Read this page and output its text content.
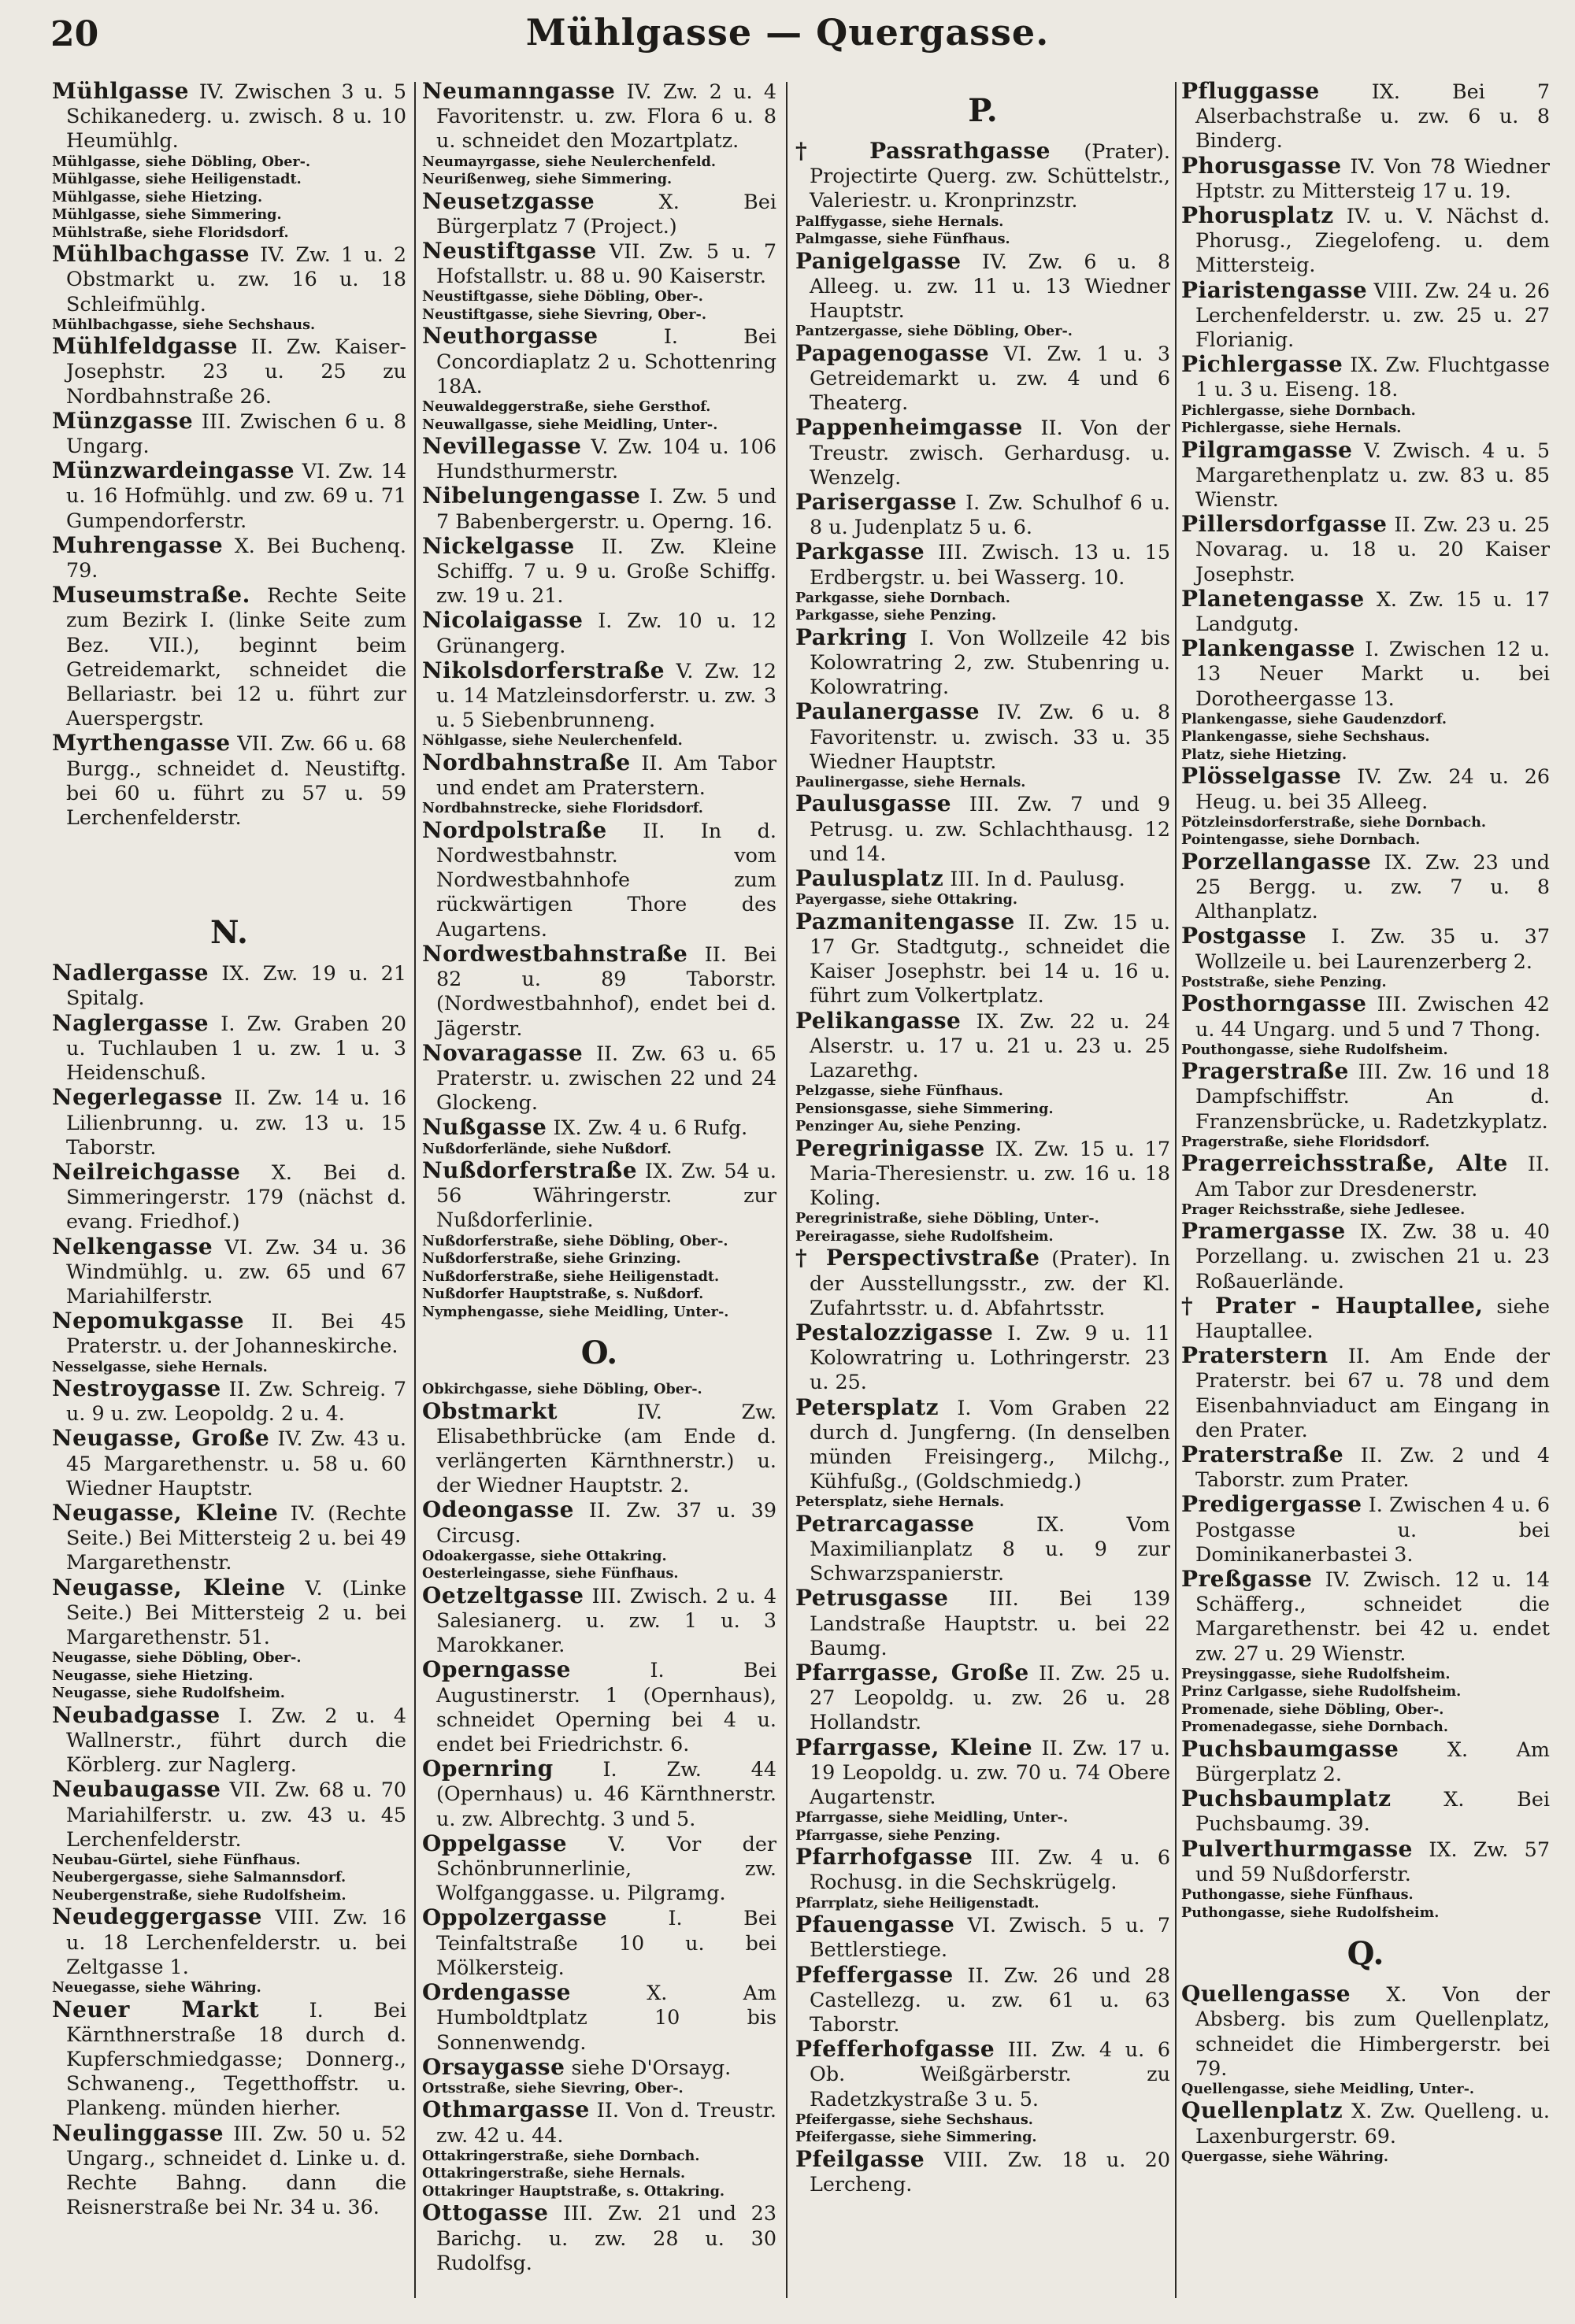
20	Mühlgasse — Quergasse.

Mühlgasse IV. Zwischen 3 u. 5 Schikanederg. u. zwisch. 8 u. 10 Heumühlg.

Mühlgasse, siehe Döbling, Ober-.

Mühlgasse, siehe Heiligenstadt.

Mühlgasse, siehe Hietzing.

Mühlgasse, siehe Simmering.

Mühlstraße, siehe Floridsdorf.

Mühlbachgasse IV. Zw. 1 u. 2 Obstmarkt u. zw. 16 u. 18 Schleifmühlg.

Mühlbachgasse, siehe Sechshaus.

Mühlfeldgasse II. Zw. Kaiser-Josephstr. 23 u. 25 zu Nordbahnstraße 26.

Münzgasse III. Zwischen 6 u. 8 Ungarg.

Münzwardeingasse VI. Zw. 14 u. 16 Hofmühlg. und zw. 69 u. 71 Gumpendorferstr.

Muhrengasse X. Bei Buchenq. 79.

Museumstraße. Rechte Seite zum Bezirk I. (linke Seite zum Bez. VII.), beginnt beim Getreidemarkt, schneidet die Bellariastr. bei 12 u. führt zur Auerspergstr.

Myrthengasse VII. Zw. 66 u. 68 Burgg., schneidet d. Neustiftg. bei 60 u. führt zu 57 u. 59 Lerchenfelderstr.

N.

Nadlergasse IX. Zw. 19 u. 21 Spitalg.

Naglergasse I. Zw. Graben 20 u. Tuchlauben 1 u. zw. 1 u. 3 Heidenschuß.

Negerlegasse II. Zw. 14 u. 16 Lilienbrunng. u. zw. 13 u. 15 Taborstr.

Neilreichgasse X. Bei d. Simmeringerstr. 179 (nächst d. evang. Friedhof.)

Nelkengasse VI. Zw. 34 u. 36 Windmühlg. u. zw. 65 und 67 Mariahilferstr.

Nepomukgasse II. Bei 45 Praterstr. u. der Johanneskirche.

Nesselgasse, siehe Hernals.

Nestroygasse II. Zw. Schreig. 7 u. 9 u. zw. Leopoldg. 2 u. 4.

Neugasse, Große IV. Zw. 43 u. 45 Margarethenstr. u. 58 u. 60 Wiedner Hauptstr.

Neugasse, Kleine IV. (Rechte Seite.) Bei Mittersteig 2 u. bei 49 Margarethenstr.

Neugasse, Kleine V. (Linke Seite.) Bei Mittersteig 2 u. bei Margarethenstr. 51.

Neugasse, siehe Döbling, Ober-.

Neugasse, siehe Hietzing.

Neugasse, siehe Rudolfsheim.

Neubadgasse I. Zw. 2 u. 4 Wallnerstr., führt durch die Körblerg. zur Naglerg.

Neubaugasse VII. Zw. 68 u. 70 Mariahilferstr. u. zw. 43 u. 45 Lerchenfelderstr.

Neubau-Gürtel, siehe Fünfhaus.

Neubergergasse, siehe Salmannsdorf.

Neubergenstraße, siehe Rudolfsheim.

Neudeggergasse VIII. Zw. 16 u. 18 Lerchenfelderstr. u. bei Zeltgasse 1.

Neuegasse, siehe Währing.

Neuer Markt I. Bei Kärnthnerstraße 18 durch d. Kupferschmiedgasse; Donnerg., Schwaneng., Tegetthoffstr. u. Plankeng. münden hierher.

Neulinggasse III. Zw. 50 u. 52 Ungarg., schneidet d. Linke u. d. Rechte Bahng. dann die Reisnerstraße bei Nr. 34 u. 36.

Neumanngasse IV. Zw. 2 u. 4 Favoritenstr. u. zw. Flora 6 u. 8 u. schneidet den Mozartplatz.

Neumayrgasse, siehe Neulerchenfeld.

Neurißenweg, siehe Simmering.

Neusetzgasse X. Bei Bürgerplatz 7 (Project.)

Neustiftgasse VII. Zw. 5 u. 7 Hofstallstr. u. 88 u. 90 Kaiserstr.

Neustiftgasse, siehe Döbling, Ober-.

Neustiftgasse, siehe Sievring, Ober-.

Neuthorgasse I. Bei Concordiaplatz 2 u. Schottenring 18A.

Neuwaldeggerstraße, siehe Gersthof.

Neuwallgasse, siehe Meidling, Unter-.

Nevillegasse V. Zw. 104 u. 106 Hundsthurmerstr.

Nibelungengasse I. Zw. 5 und 7 Babenbergerstr. u. Operng. 16.

Nickelgasse II. Zw. Kleine Schiffg. 7 u. 9 u. Große Schiffg. zw. 19 u. 21.

Nicolaigasse I. Zw. 10 u. 12 Grünangerg.

Nikolsdorferstraße V. Zw. 12 u. 14 Matzleinsdorferstr. u. zw. 3 u. 5 Siebenbrunneng.

Nöhlgasse, siehe Neulerchenfeld.

Nordbahnstraße II. Am Tabor und endet am Praterstern.

Nordbahnstrecke, siehe Floridsdorf.

Nordpolstraße II. In d. Nordwestbahnstr. vom Nordwestbahnhofe zum rückwärtigen Thore des Augartens.

Nordwestbahnstraße II. Bei 82 u. 89 Taborstr. (Nordwestbahnhof), endet bei d. Jägerstr.

Novaragasse II. Zw. 63 u. 65 Praterstr. u. zwischen 22 und 24 Glockeng.

Nußgasse IX. Zw. 4 u. 6 Rufg.

Nußdorferlände, siehe Nußdorf.

Nußdorferstraße IX. Zw. 54 u. 56 Währingerstr. zur Nußdorferlinie.

Nußdorferstraße, siehe Döbling, Ober-.

Nußdorferstraße, siehe Grinzing.

Nußdorferstraße, siehe Heiligenstadt.

Nußdorfer Hauptstraße, s. Nußdorf.

Nymphengasse, siehe Meidling, Unter-.

O.

Obkirchgasse, siehe Döbling, Ober-.

Obstmarkt IV. Zw. Elisabethbrücke (am Ende d. verlängerten Kärnthnerstr.) u. der Wiedner Hauptstr. 2.

Odeongasse II. Zw. 37 u. 39 Circusg.

Odoakergasse, siehe Ottakring.

Oesterleingasse, siehe Fünfhaus.

Oetzeltgasse III. Zwisch. 2 u. 4 Salesianerg. u. zw. 1 u. 3 Marokkaner.

Operngasse I. Bei Augustinerstr. 1 (Opernhaus), schneidet Operning bei 4 u. endet bei Friedrichstr. 6.

Opernring I. Zw. 44 (Opernhaus) u. 46 Kärnthnerstr. u. zw. Albrechtg. 3 und 5.

Oppelgasse V. Vor der Schönbrunnerlinie, zw. Wolfganggasse. u. Pilgramg.

Oppolzergasse I. Bei Teinfaltstraße 10 u. bei Mölkersteig.

Ordengasse X. Am Humboldtplatz 10 bis Sonnenwendg.

Orsaygasse siehe D'Orsayg.

Ortsstraße, siehe Sievring, Ober-.

Othmargasse II. Von d. Treustr. zw. 42 u. 44.

Ottakringerstraße, siehe Dornbach.

Ottakringerstraße, siehe Hernals.

Ottakringer Hauptstraße, s. Ottakring.

Ottogasse III. Zw. 21 und 23 Barichg. u. zw. 28 u. 30 Rudolfsg.

P.

† Passrathgasse (Prater). Projectirte Querg. zw. Schüttelstr., Valeriestr. u. Kronprinzstr.

Palffygasse, siehe Hernals.

Palmgasse, siehe Fünfhaus.

Panigelgasse IV. Zw. 6 u. 8 Alleeg. u. zw. 11 u. 13 Wiedner Hauptstr.

Pantzergasse, siehe Döbling, Ober-.

Papagenogasse VI. Zw. 1 u. 3 Getreidemarkt u. zw. 4 und 6 Theaterg.

Pappenheimgasse II. Von der Treustr. zwisch. Gerhardusg. u. Wenzelg.

Parisergasse I. Zw. Schulhof 6 u. 8 u. Judenplatz 5 u. 6.

Parkgasse III. Zwisch. 13 u. 15 Erdbergstr. u. bei Wasserg. 10.

Parkgasse, siehe Dornbach.

Parkgasse, siehe Penzing.

Parkring I. Von Wollzeile 42 bis Kolowratring 2, zw. Stubenring u. Kolowratring.

Paulanergasse IV. Zw. 6 u. 8 Favoritenstr. u. zwisch. 33 u. 35 Wiedner Hauptstr.

Paulinergasse, siehe Hernals.

Paulusgasse III. Zw. 7 und 9 Petrusg. u. zw. Schlachthausg. 12 und 14.

Paulusplatz III. In d. Paulusg.

Payergasse, siehe Ottakring.

Pazmanitengasse II. Zw. 15 u. 17 Gr. Stadtgutg., schneidet die Kaiser Josephstr. bei 14 u. 16 u. führt zum Volkertplatz.

Pelikangasse IX. Zw. 22 u. 24 Alserstr. u. 17 u. 21 u. 23 u. 25 Lazarethg.

Pelzgasse, siehe Fünfhaus.

Pensionsgasse, siehe Simmering.

Penzinger Au, siehe Penzing.

Peregrinigasse IX. Zw. 15 u. 17 Maria-Theresienstr. u. zw. 16 u. 18 Koling.

Peregrinistraße, siehe Döbling, Unter-.

Pereiragasse, siehe Rudolfsheim.

† Perspectivstraße (Prater). In der Ausstellungsstr., zw. der Kl. Zufahrtsstr. u. d. Abfahrtsstr.

Pestalozzigasse I. Zw. 9 u. 11 Kolowratring u. Lothringerstr. 23 u. 25.

Petersplatz I. Vom Graben 22 durch d. Jungferng. (In denselben münden Freisingerg., Milchg., Kühfußg., (Goldschmiedg.)

Petersplatz, siehe Hernals.

Petrarcagasse IX. Vom Maximilianplatz 8 u. 9 zur Schwarzspanierstr.

Petrusgasse III. Bei 139 Landstraße Hauptstr. u. bei 22 Baumg.

Pfarrgasse, Große II. Zw. 25 u. 27 Leopoldg. u. zw. 26 u. 28 Hollandstr.

Pfarrgasse, Kleine II. Zw. 17 u. 19 Leopoldg. u. zw. 70 u. 74 Obere Augartenstr.

Pfarrgasse, siehe Meidling, Unter-.

Pfarrgasse, siehe Penzing.

Pfarrhofgasse III. Zw. 4 u. 6 Rochusg. in die Sechskrügelg.

Pfarrplatz, siehe Heiligenstadt.

Pfauengasse VI. Zwisch. 5 u. 7 Bettlerstiege.

Pfeffergasse II. Zw. 26 und 28 Castellezg. u. zw. 61 u. 63 Taborstr.

Pfefferhofgasse III. Zw. 4 u. 6 Ob. Weißgärberstr. zu Radetzkystraße 3 u. 5.

Pfeifergasse, siehe Sechshaus.

Pfeifergasse, siehe Simmering.

Pfeilgasse VIII. Zw. 18 u. 20 Lercheng.

Pfluggasse IX. Bei 7 Alserbachstraße u. zw. 6 u. 8 Binderg.

Phorusgasse IV. Von 78 Wiedner Hptstr. zu Mittersteig 17 u. 19.

Phorusplatz IV. u. V. Nächst d. Phorusg., Ziegelofeng. u. dem Mittersteig.

Piaristengasse VIII. Zw. 24 u. 26 Lerchenfelderstr. u. zw. 25 u. 27 Florianig.

Pichlergasse IX. Zw. Fluchtgasse 1 u. 3 u. Eiseng. 18.

Pichlergasse, siehe Dornbach.

Pichlergasse, siehe Hernals.

Pilgramgasse V. Zwisch. 4 u. 5 Margarethenplatz u. zw. 83 u. 85 Wienstr.

Pillersdorfgasse II. Zw. 23 u. 25 Novarag. u. 18 u. 20 Kaiser Josephstr.

Planetengasse X. Zw. 15 u. 17 Landgutg.

Plankengasse I. Zwischen 12 u. 13 Neuer Markt u. bei Dorotheergasse 13.

Plankengasse, siehe Gaudenzdorf.

Plankengasse, siehe Sechshaus.

Platz, siehe Hietzing.

Plösselgasse IV. Zw. 24 u. 26 Heug. u. bei 35 Alleeg.

Pötzleinsdorferstraße, siehe Dornbach.

Pointengasse, siehe Dornbach.

Porzellangasse IX. Zw. 23 und 25 Bergg. u. zw. 7 u. 8 Althanplatz.

Postgasse I. Zw. 35 u. 37 Wollzeile u. bei Laurenzerberg 2.

Poststraße, siehe Penzing.

Posthorngasse III. Zwischen 42 u. 44 Ungarg. und 5 und 7 Thong.

Pouthongasse, siehe Rudolfsheim.

Pragerstraße III. Zw. 16 und 18 Dampfschiffstr. An d. Franzensbrücke, u. Radetzkyplatz.

Pragerstraße, siehe Floridsdorf.

Pragerreichsstraße, Alte II. Am Tabor zur Dresdenerstr.

Prager Reichsstraße, siehe Jedlesee.

Pramergasse IX. Zw. 38 u. 40 Porzellang. u. zwischen 21 u. 23 Roßauerlände.

† Prater - Hauptallee, siehe Hauptallee.

Praterstern II. Am Ende der Praterstr. bei 67 u. 78 und dem Eisenbahnviaduct am Eingang in den Prater.

Praterstraße II. Zw. 2 und 4 Taborstr. zum Prater.

Predigergasse I. Zwischen 4 u. 6 Postgasse u. bei Dominikanerbastei 3.

Preßgasse IV. Zwisch. 12 u. 14 Schäfferg., schneidet die Margarethenstr. bei 42 u. endet zw. 27 u. 29 Wienstr.

Preysinggasse, siehe Rudolfsheim.

Prinz Carlgasse, siehe Rudolfsheim.

Promenade, siehe Döbling, Ober-.

Promenadegasse, siehe Dornbach.

Puchsbaumgasse X. Am Bürgerplatz 2.

Puchsbaumplatz X. Bei Puchsbaumg. 39.

Pulverthurmgasse IX. Zw. 57 und 59 Nußdorferstr.

Puthongasse, siehe Fünfhaus.

Puthongasse, siehe Rudolfsheim.

Q.

Quellengasse X. Von der Absberg. bis zum Quellenplatz, schneidet die Himbergerstr. bei 79.

Quellengasse, siehe Meidling, Unter-.

Quellenplatz X. Zw. Quelleng. u. Laxenburgerstr. 69.

Quergasse, siehe Währing.
